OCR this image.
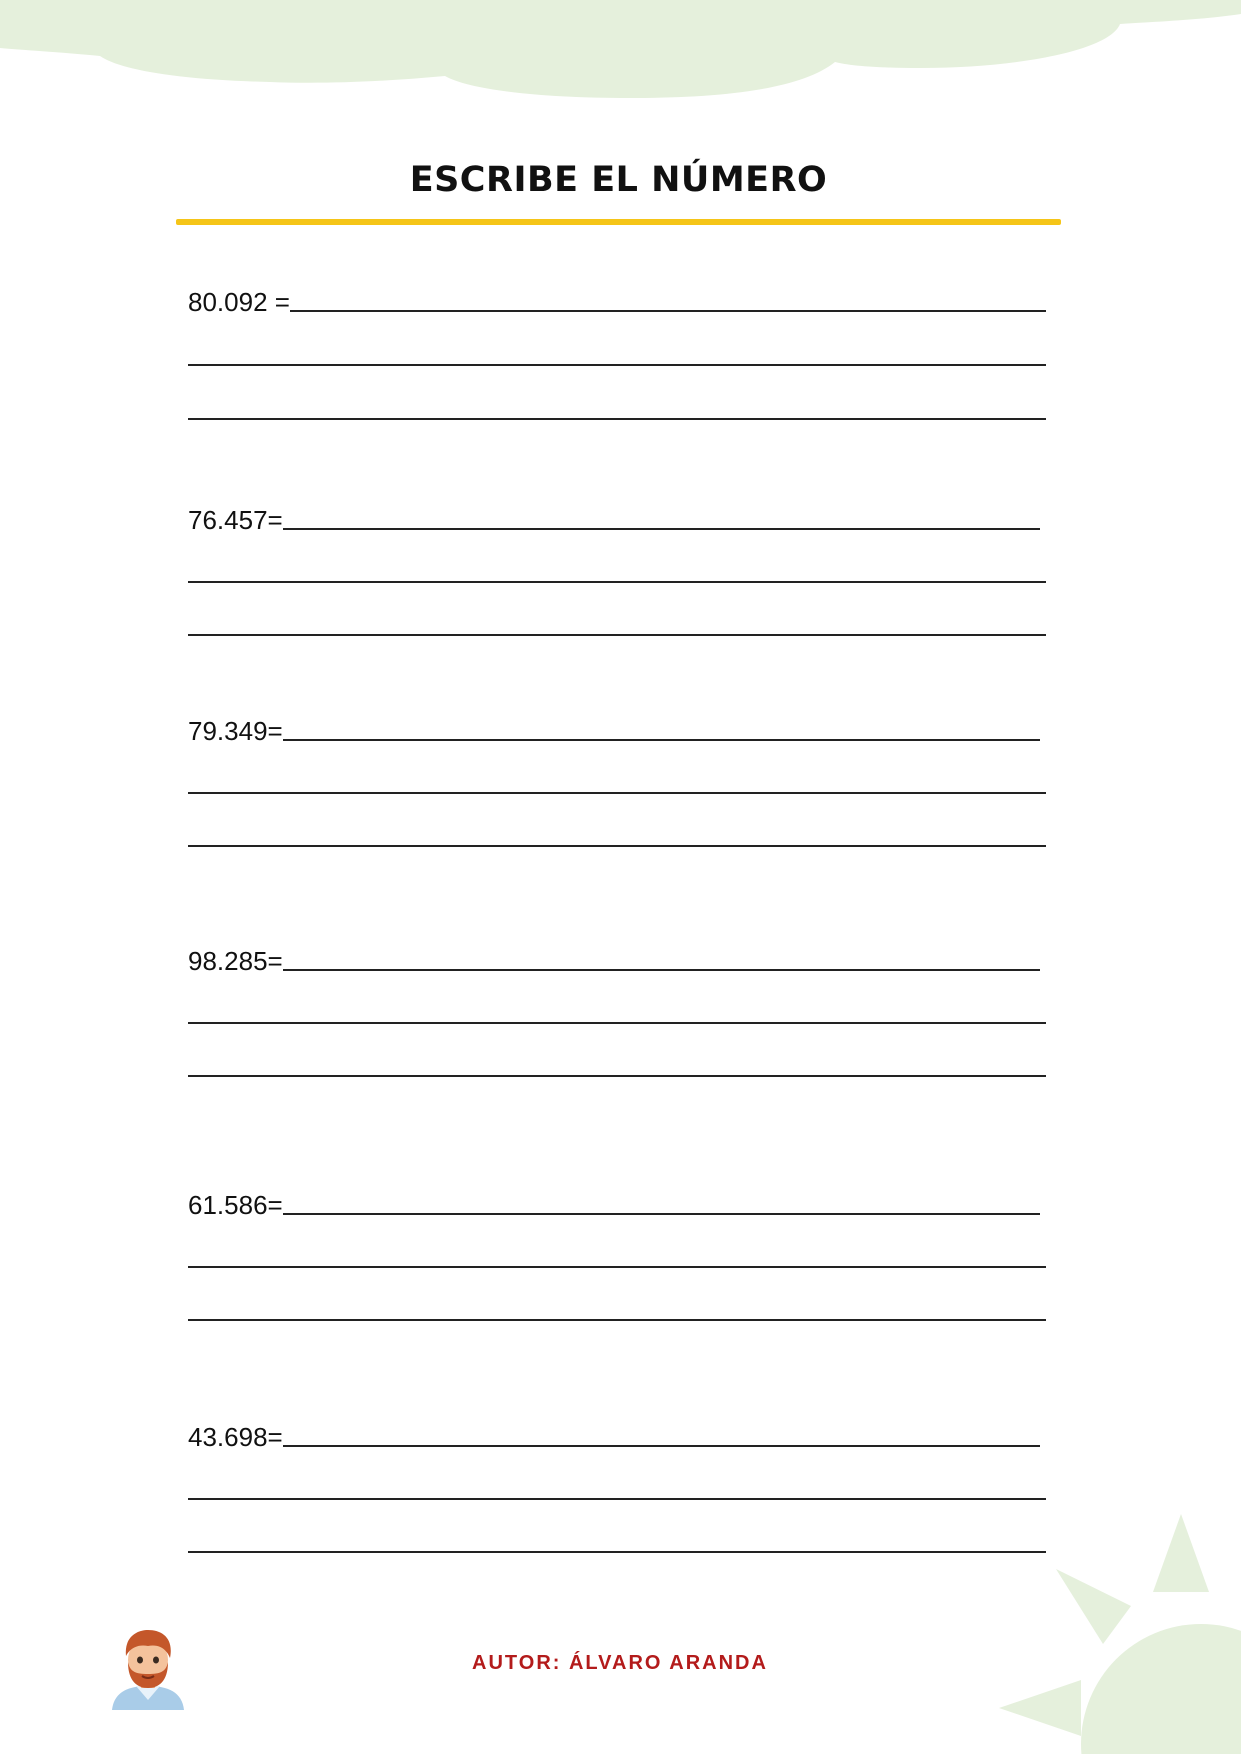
ESCRIBE EL NÚMERO
80.092 =
76.457=
79.349=
98.285=
61.586=
43.698=
AUTOR: ÁLVARO ARANDA
